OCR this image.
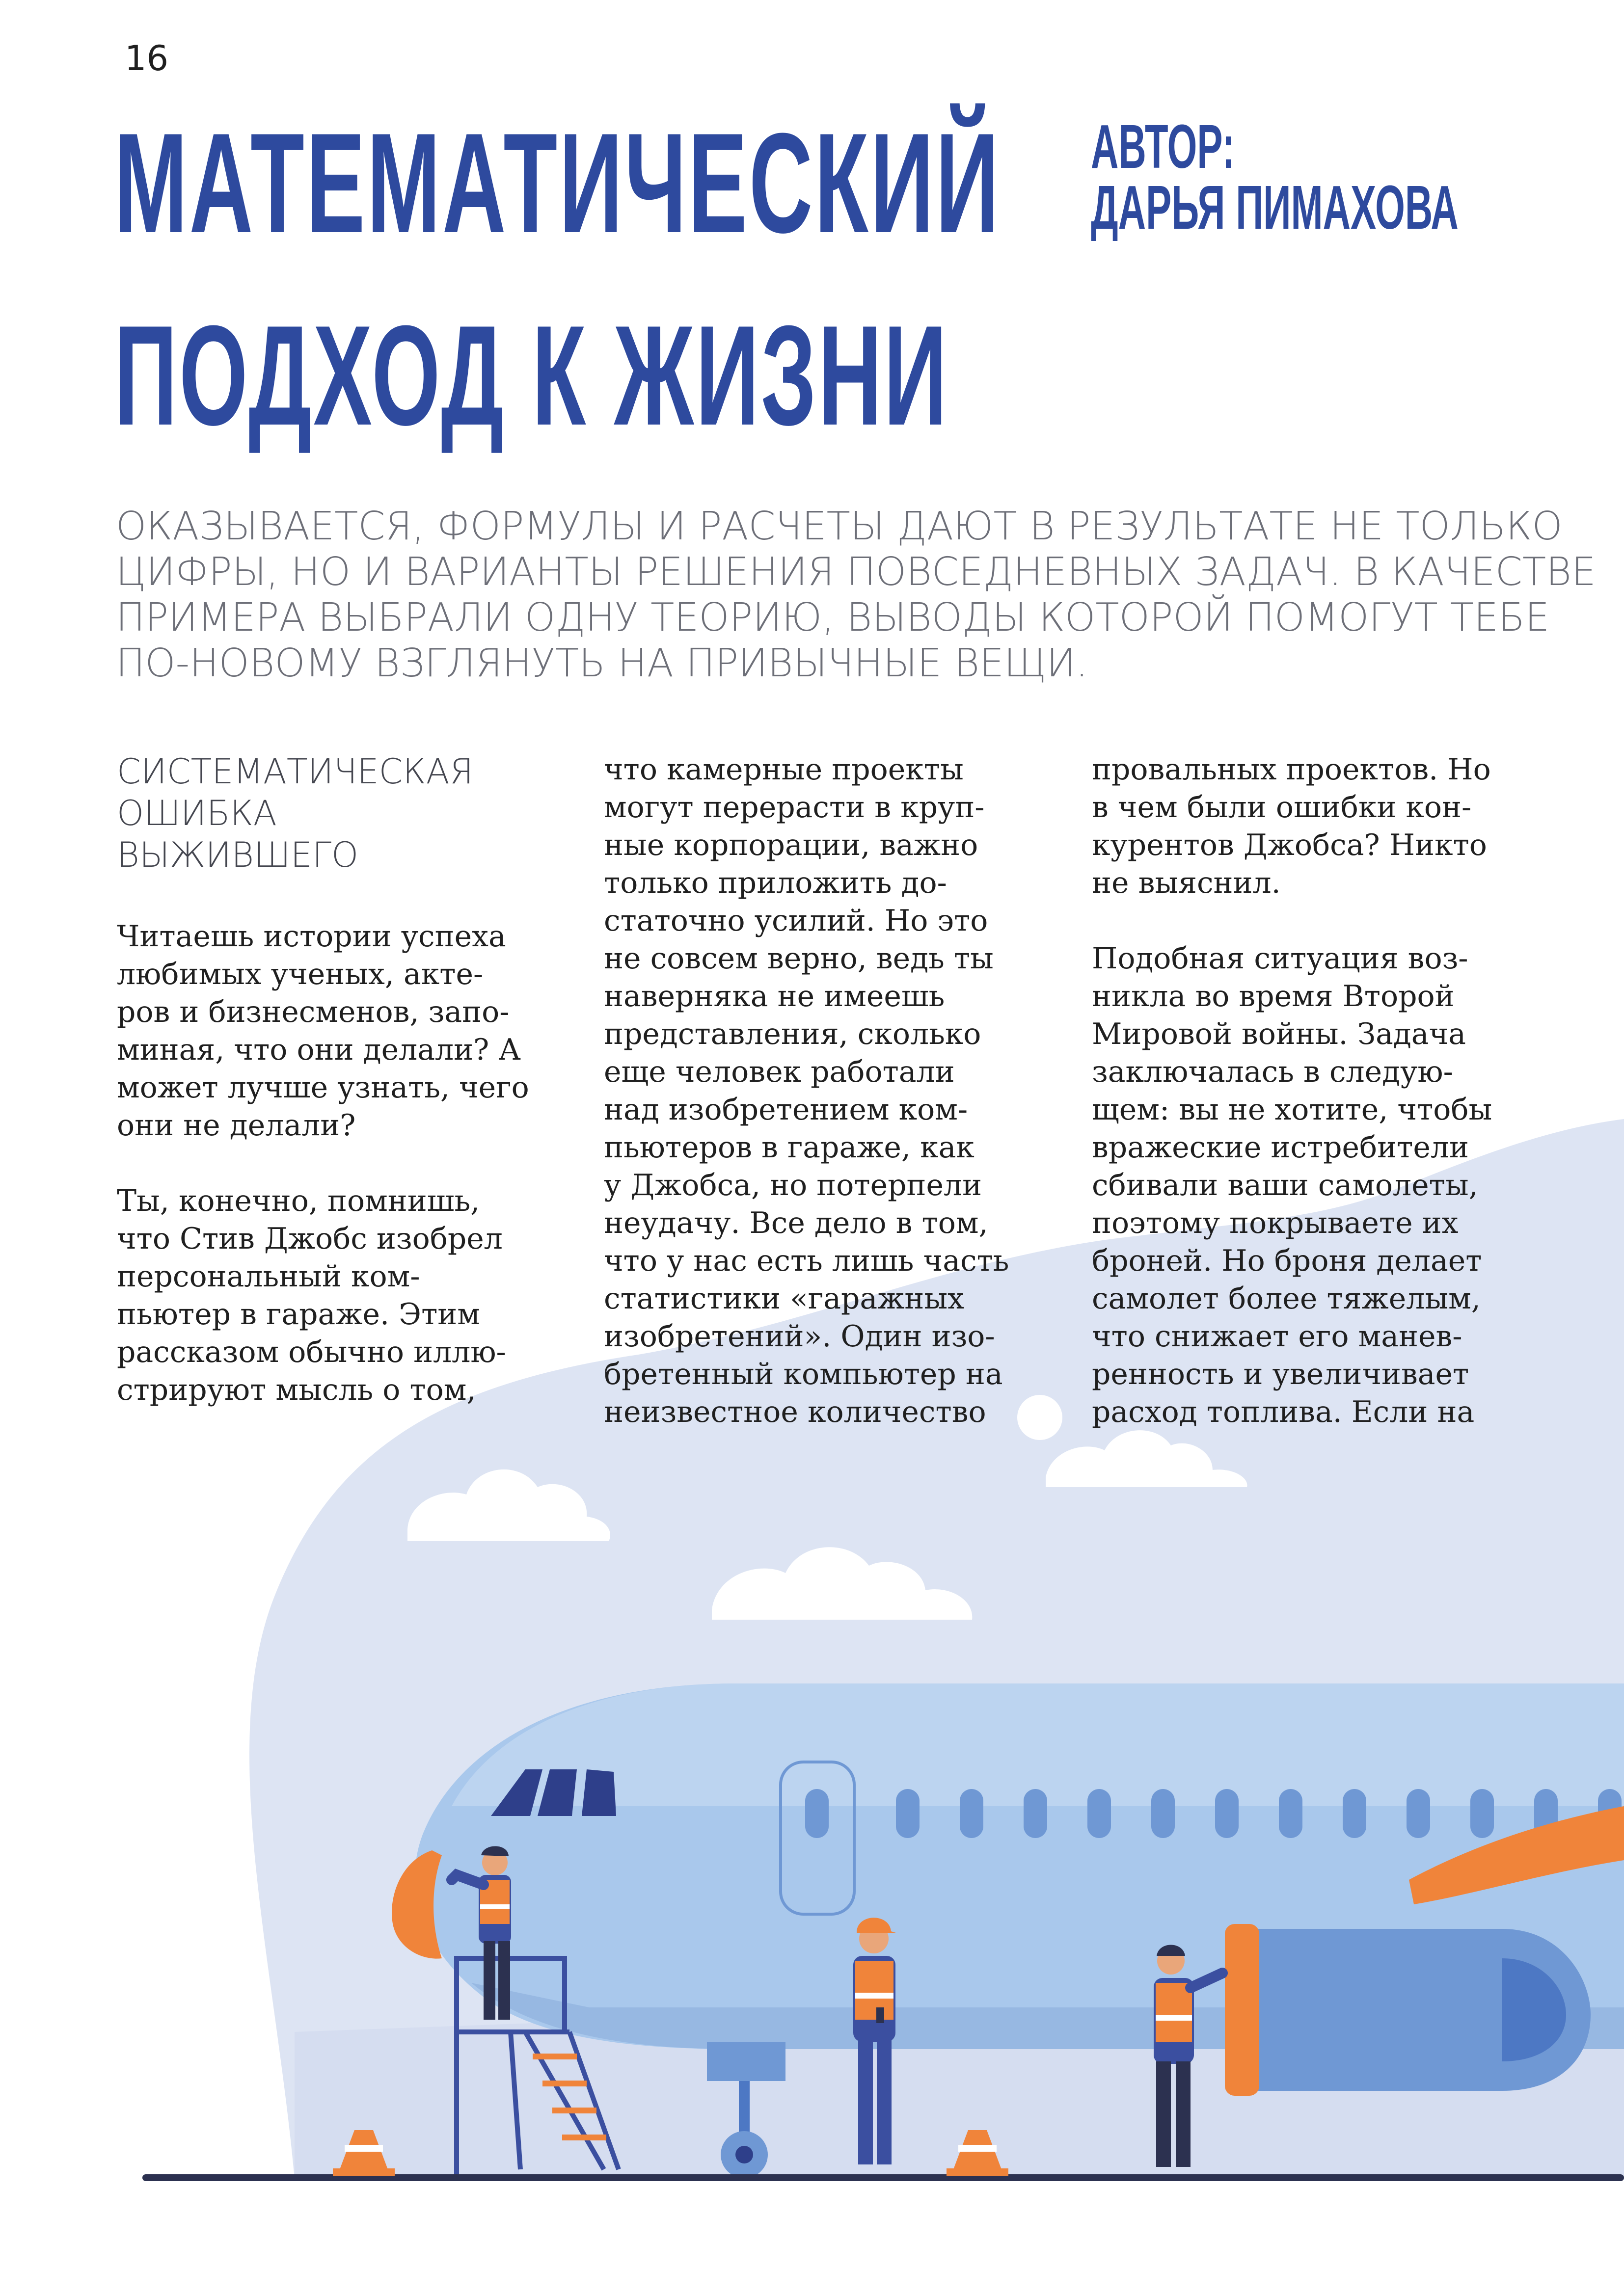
16
МАТЕМАТИЧЕСКИЙ
ПОДХОД К ЖИЗНИ
АВТОР:
ДАРЬЯ ПИМАХОВА

ОКАЗЫВАЕТСЯ, ФОРМУЛЫ И РАСЧЕТЫ ДАЮТ В РЕЗУЛЬТАТЕ НЕ ТОЛЬКО
ЦИФРЫ, НО И ВАРИАНТЫ РЕШЕНИЯ ПОВСЕДНЕВНЫХ ЗАДАЧ. В КАЧЕСТВЕ
ПРИМЕРА ВЫБРАЛИ ОДНУ ТЕОРИЮ, ВЫВОДЫ КОТОРОЙ ПОМОГУТ ТЕБЕ
ПО-НОВОМУ ВЗГЛЯНУТЬ НА ПРИВЫЧНЫЕ ВЕЩИ.

СИСТЕМАТИЧЕСКАЯ
ОШИБКА
ВЫЖИВШЕГО
Читаешь истории успеха
любимых ученых, акте-
ров и бизнесменов, запо-
миная, что они делали? А
может лучше узнать, чего
они не делали?
Ты, конечно, помнишь,
что Стив Джобс изобрел
персональный ком-
пьютер в гараже. Этим
рассказом обычно иллю-
стрируют мысль о том,
что камерные проекты
могут перерасти в круп-
ные корпорации, важно
только приложить до-
статочно усилий. Но это
не совсем верно, ведь ты
наверняка не имеешь
представления, сколько
еще человек работали
над изобретением ком-
пьютеров в гараже, как
у Джобса, но потерпели
неудачу. Все дело в том,
что у нас есть лишь часть
статистики «гаражных
изобретений». Один изо-
бретенный компьютер на
неизвестное количество
провальных проектов. Но
в чем были ошибки кон-
курентов Джобса? Никто
не выяснил.
Подобная ситуация воз-
никла во время Второй
Мировой войны. Задача
заключалась в следую-
щем: вы не хотите, чтобы
вражеские истребители
сбивали ваши самолеты,
поэтому покрываете их
броней. Но броня делает
самолет более тяжелым,
что снижает его манев-
ренность и увеличивает
расход топлива. Если на
